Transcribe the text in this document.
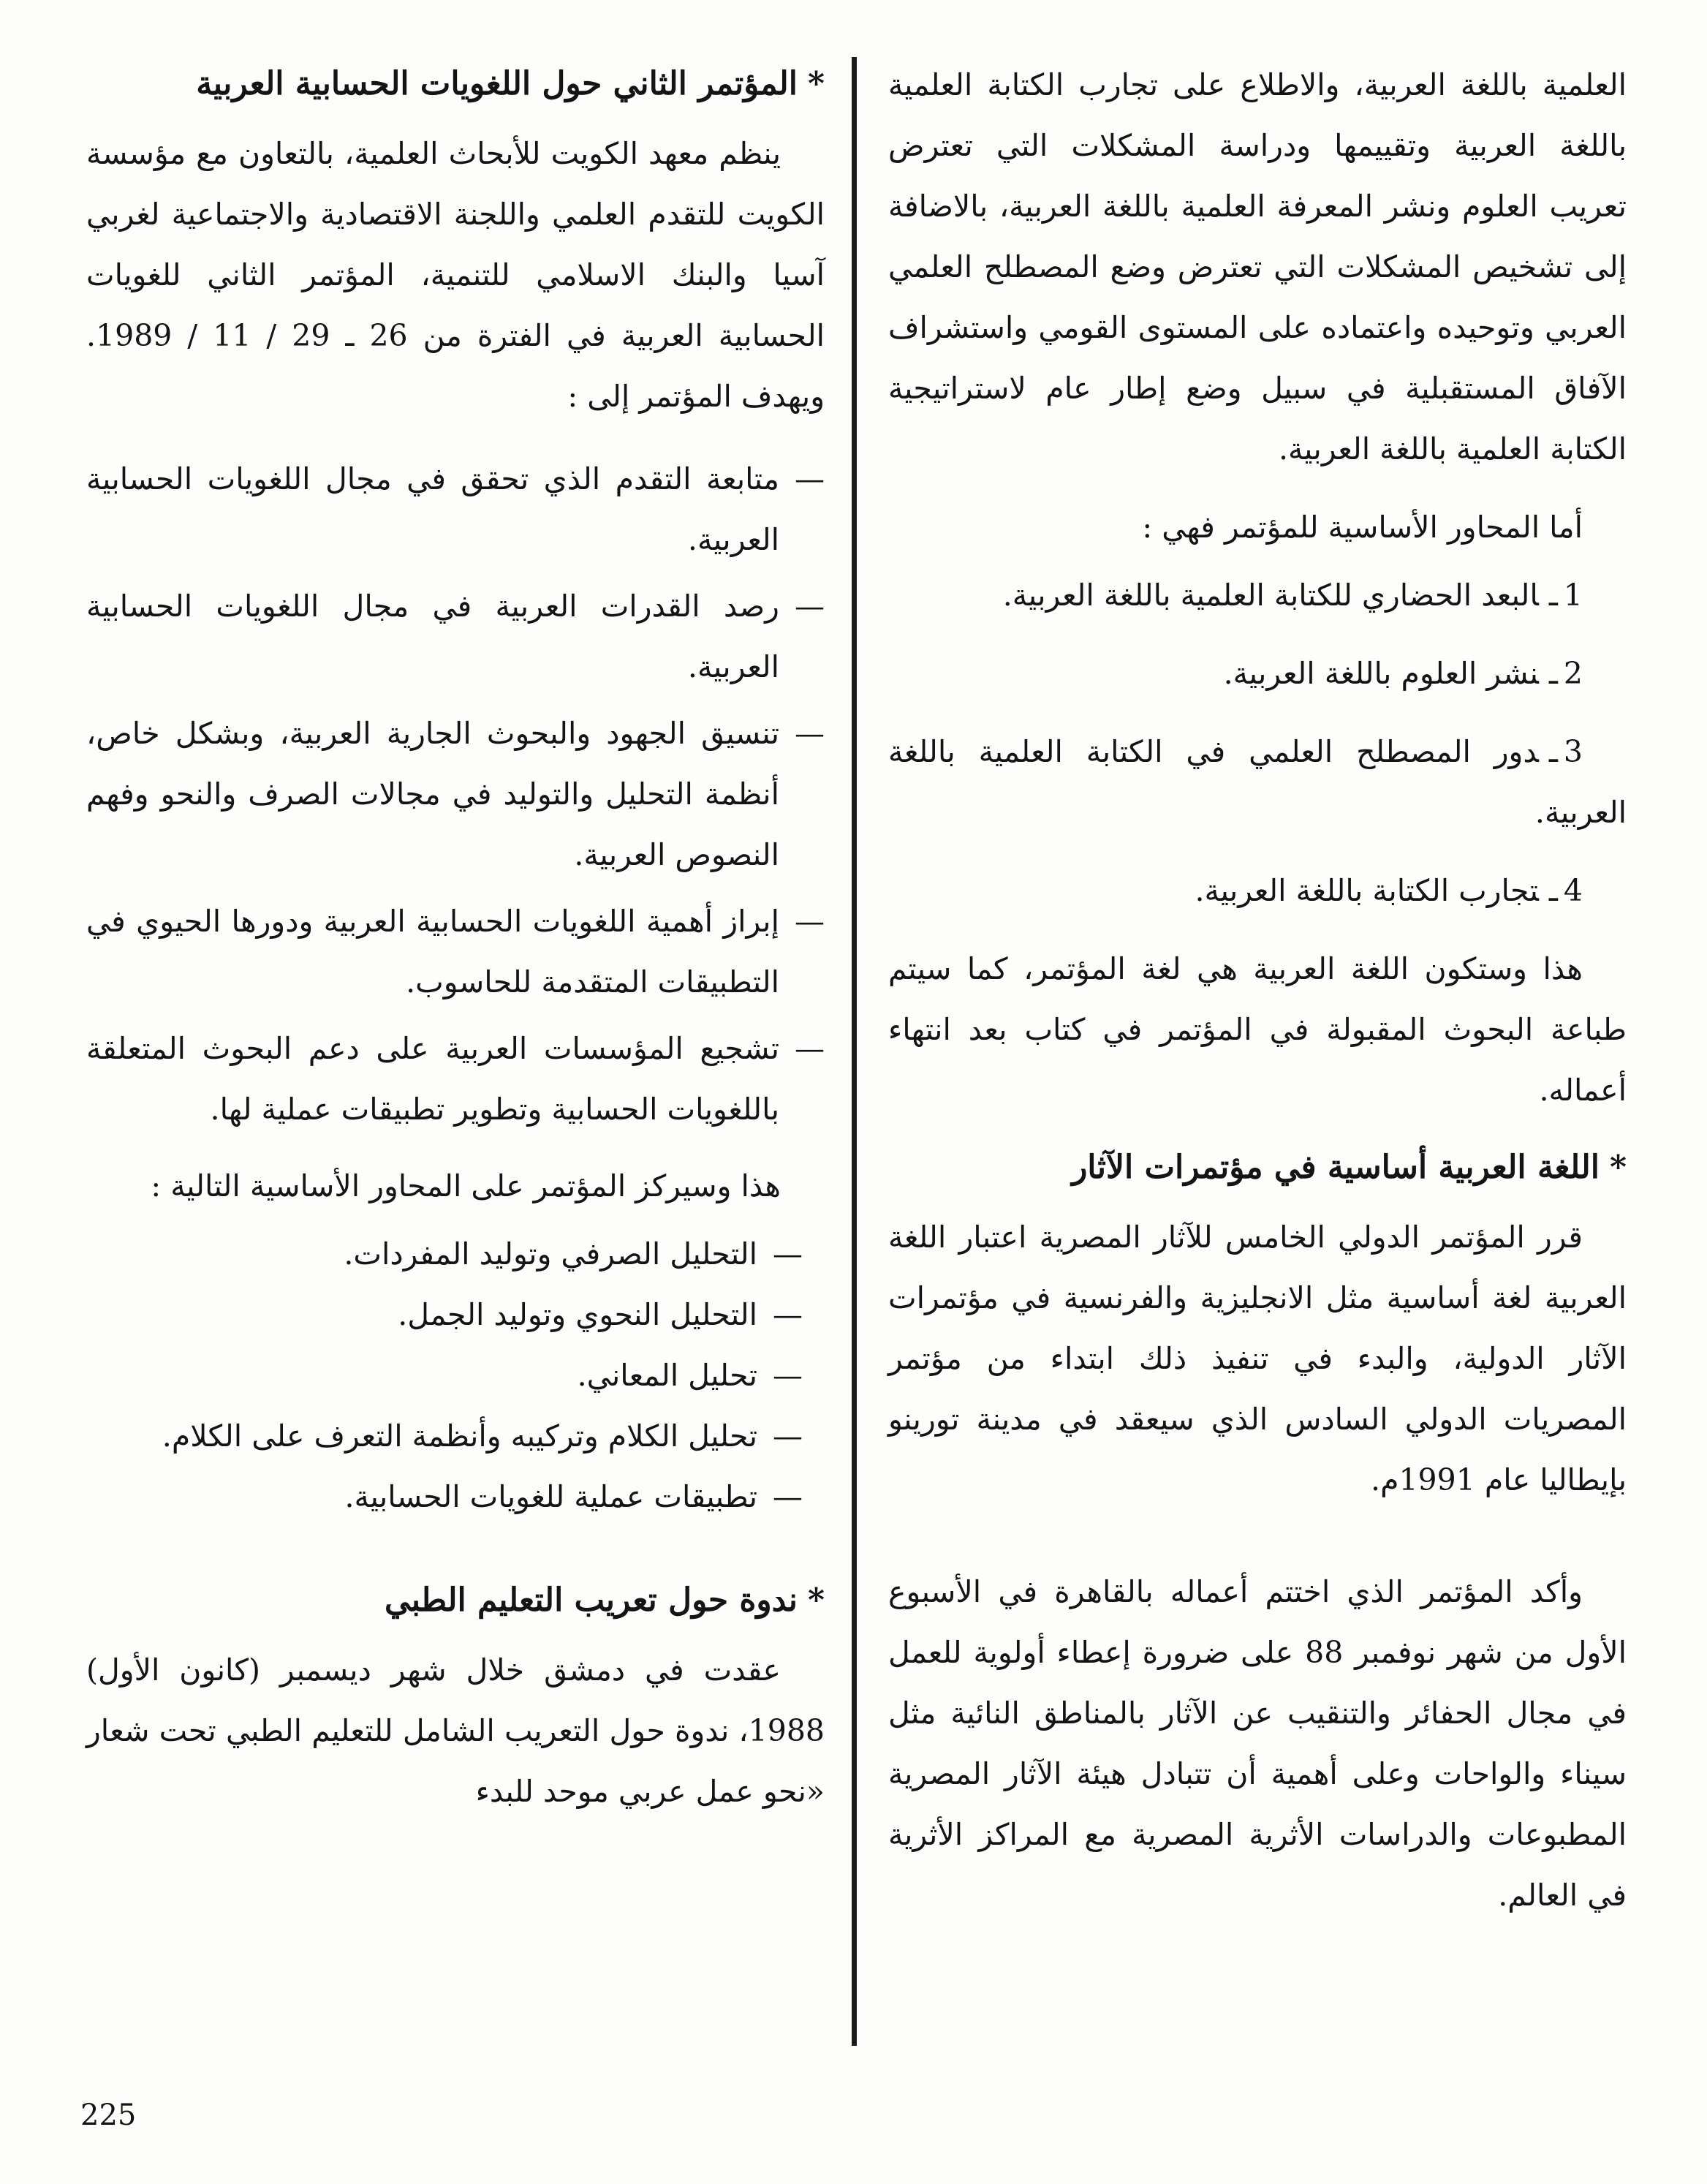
العلمية باللغة العربية، والاطلاع على تجارب الكتابة العلمية باللغة العربية وتقييمها ودراسة المشكلات التي تعترض تعريب العلوم ونشر المعرفة العلمية باللغة العربية، بالاضافة إلى تشخيص المشكلات التي تعترض وضع المصطلح العلمي العربي وتوحيده واعتماده على المستوى القومي واستشراف الآفاق المستقبلية في سبيل وضع إطار عام لاستراتيجية الكتابة العلمية باللغة العربية.

أما المحاور الأساسية للمؤتمر فهي :

1ـالبعد الحضاري للكتابة العلمية باللغة العربية.
2ـنشر العلوم باللغة العربية.
3ـدور المصطلح العلمي في الكتابة العلمية باللغة العربية.
4ـتجارب الكتابة باللغة العربية.

هذا وستكون اللغة العربية هي لغة المؤتمر، كما سيتم طباعة البحوث المقبولة في المؤتمر في كتاب بعد انتهاء أعماله.

*اللغة العربية أساسية في مؤتمرات الآثار

قرر المؤتمر الدولي الخامس للآثار المصرية اعتبار اللغة العربية لغة أساسية مثل الانجليزية والفرنسية في مؤتمرات الآثار الدولية، والبدء في تنفيذ ذلك ابتداء من مؤتمر المصريات الدولي السادس الذي سيعقد في مدينة تورينو بإيطاليا عام 1991م.

وأكد المؤتمر الذي اختتم أعماله بالقاهرة في الأسبوع الأول من شهر نوفمبر 88 على ضرورة إعطاء أولوية للعمل في مجال الحفائر والتنقيب عن الآثار بالمناطق النائية مثل سيناء والواحات وعلى أهمية أن تتبادل هيئة الآثار المصرية المطبوعات والدراسات الأثرية المصرية مع المراكز الأثرية في العالم.

*المؤتمر الثاني حول اللغويات الحسابية العربية

ينظم معهد الكويت للأبحاث العلمية، بالتعاون مع مؤسسة الكويت للتقدم العلمي واللجنة الاقتصادية والاجتماعية لغربي آسيا والبنك الاسلامي للتنمية، المؤتمر الثاني للغويات الحسابية العربية في الفترة من 26 ـ 29 / 11 / 1989. ويهدف المؤتمر إلى :

— متابعة التقدم الذي تحقق في مجال اللغويات الحسابية العربية.
— رصد القدرات العربية في مجال اللغويات الحسابية العربية.
— تنسيق الجهود والبحوث الجارية العربية، وبشكل خاص، أنظمة التحليل والتوليد في مجالات الصرف والنحو وفهم النصوص العربية.
— إبراز أهمية اللغويات الحسابية العربية ودورها الحيوي في التطبيقات المتقدمة للحاسوب.
— تشجيع المؤسسات العربية على دعم البحوث المتعلقة باللغويات الحسابية وتطوير تطبيقات عملية لها.

هذا وسيركز المؤتمر على المحاور الأساسية التالية :

— التحليل الصرفي وتوليد المفردات.
— التحليل النحوي وتوليد الجمل.
— تحليل المعاني.
— تحليل الكلام وتركيبه وأنظمة التعرف على الكلام.
— تطبيقات عملية للغويات الحسابية.
*ندوة حول تعريب التعليم الطبي

عقدت في دمشق خلال شهر ديسمبر (كانون الأول) 1988، ندوة حول التعريب الشامل للتعليم الطبي تحت شعار «نحو عمل عربي موحد للبدء

225
